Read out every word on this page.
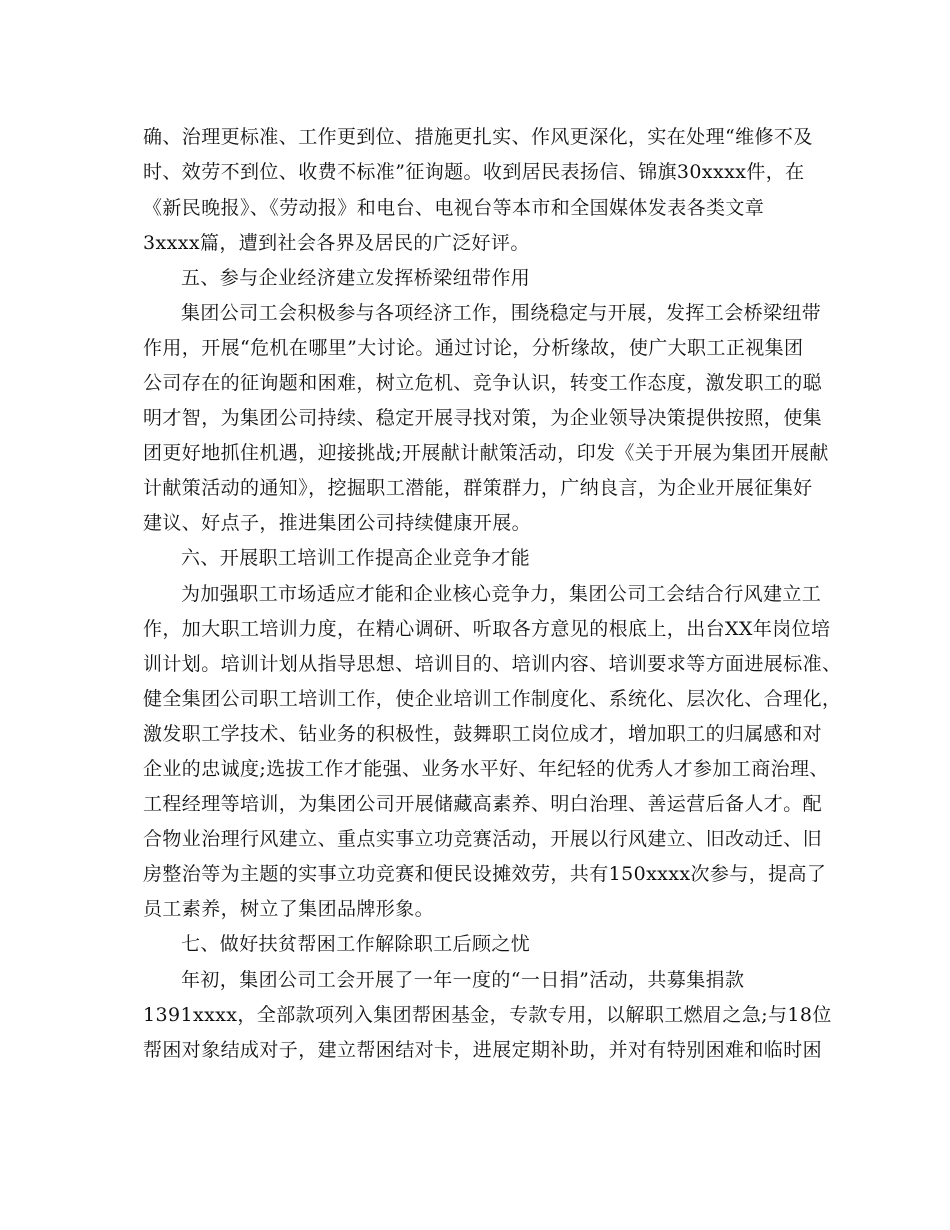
确、治理更标准、工作更到位、措施更扎实、作风更深化，实在处理“维修不及
时、效劳不到位、收费不标准”征询题。收到居民表扬信、锦旗30xxxx件，在
《新民晚报》、《劳动报》和电台、电视台等本市和全国媒体发表各类文章
3xxxx篇，遭到社会各界及居民的广泛好评。
五、参与企业经济建立发挥桥梁纽带作用
集团公司工会积极参与各项经济工作，围绕稳定与开展，发挥工会桥梁纽带
作用，开展“危机在哪里”大讨论。通过讨论，分析缘故，使广大职工正视集团
公司存在的征询题和困难，树立危机、竞争认识，转变工作态度，激发职工的聪
明才智，为集团公司持续、稳定开展寻找对策，为企业领导决策提供按照，使集
团更好地抓住机遇，迎接挑战;开展献计献策活动，印发《关于开展为集团开展献
计献策活动的通知》，挖掘职工潜能，群策群力，广纳良言，为企业开展征集好
建议、好点子，推进集团公司持续健康开展。
六、开展职工培训工作提高企业竞争才能
为加强职工市场适应才能和企业核心竞争力，集团公司工会结合行风建立工
作，加大职工培训力度，在精心调研、听取各方意见的根底上，出台XX年岗位培
训计划。培训计划从指导思想、培训目的、培训内容、培训要求等方面进展标准、
健全集团公司职工培训工作，使企业培训工作制度化、系统化、层次化、合理化，
激发职工学技术、钻业务的积极性，鼓舞职工岗位成才，增加职工的归属感和对
企业的忠诚度;选拔工作才能强、业务水平好、年纪轻的优秀人才参加工商治理、
工程经理等培训，为集团公司开展储藏高素养、明白治理、善运营后备人才。配
合物业治理行风建立、重点实事立功竞赛活动，开展以行风建立、旧改动迁、旧
房整治等为主题的实事立功竞赛和便民设摊效劳，共有150xxxx次参与，提高了
员工素养，树立了集团品牌形象。
七、做好扶贫帮困工作解除职工后顾之忧
年初，集团公司工会开展了一年一度的“一日捐”活动，共募集捐款
1391xxxx，全部款项列入集团帮困基金，专款专用，以解职工燃眉之急;与18位
帮困对象结成对子，建立帮困结对卡，进展定期补助，并对有特别困难和临时困
